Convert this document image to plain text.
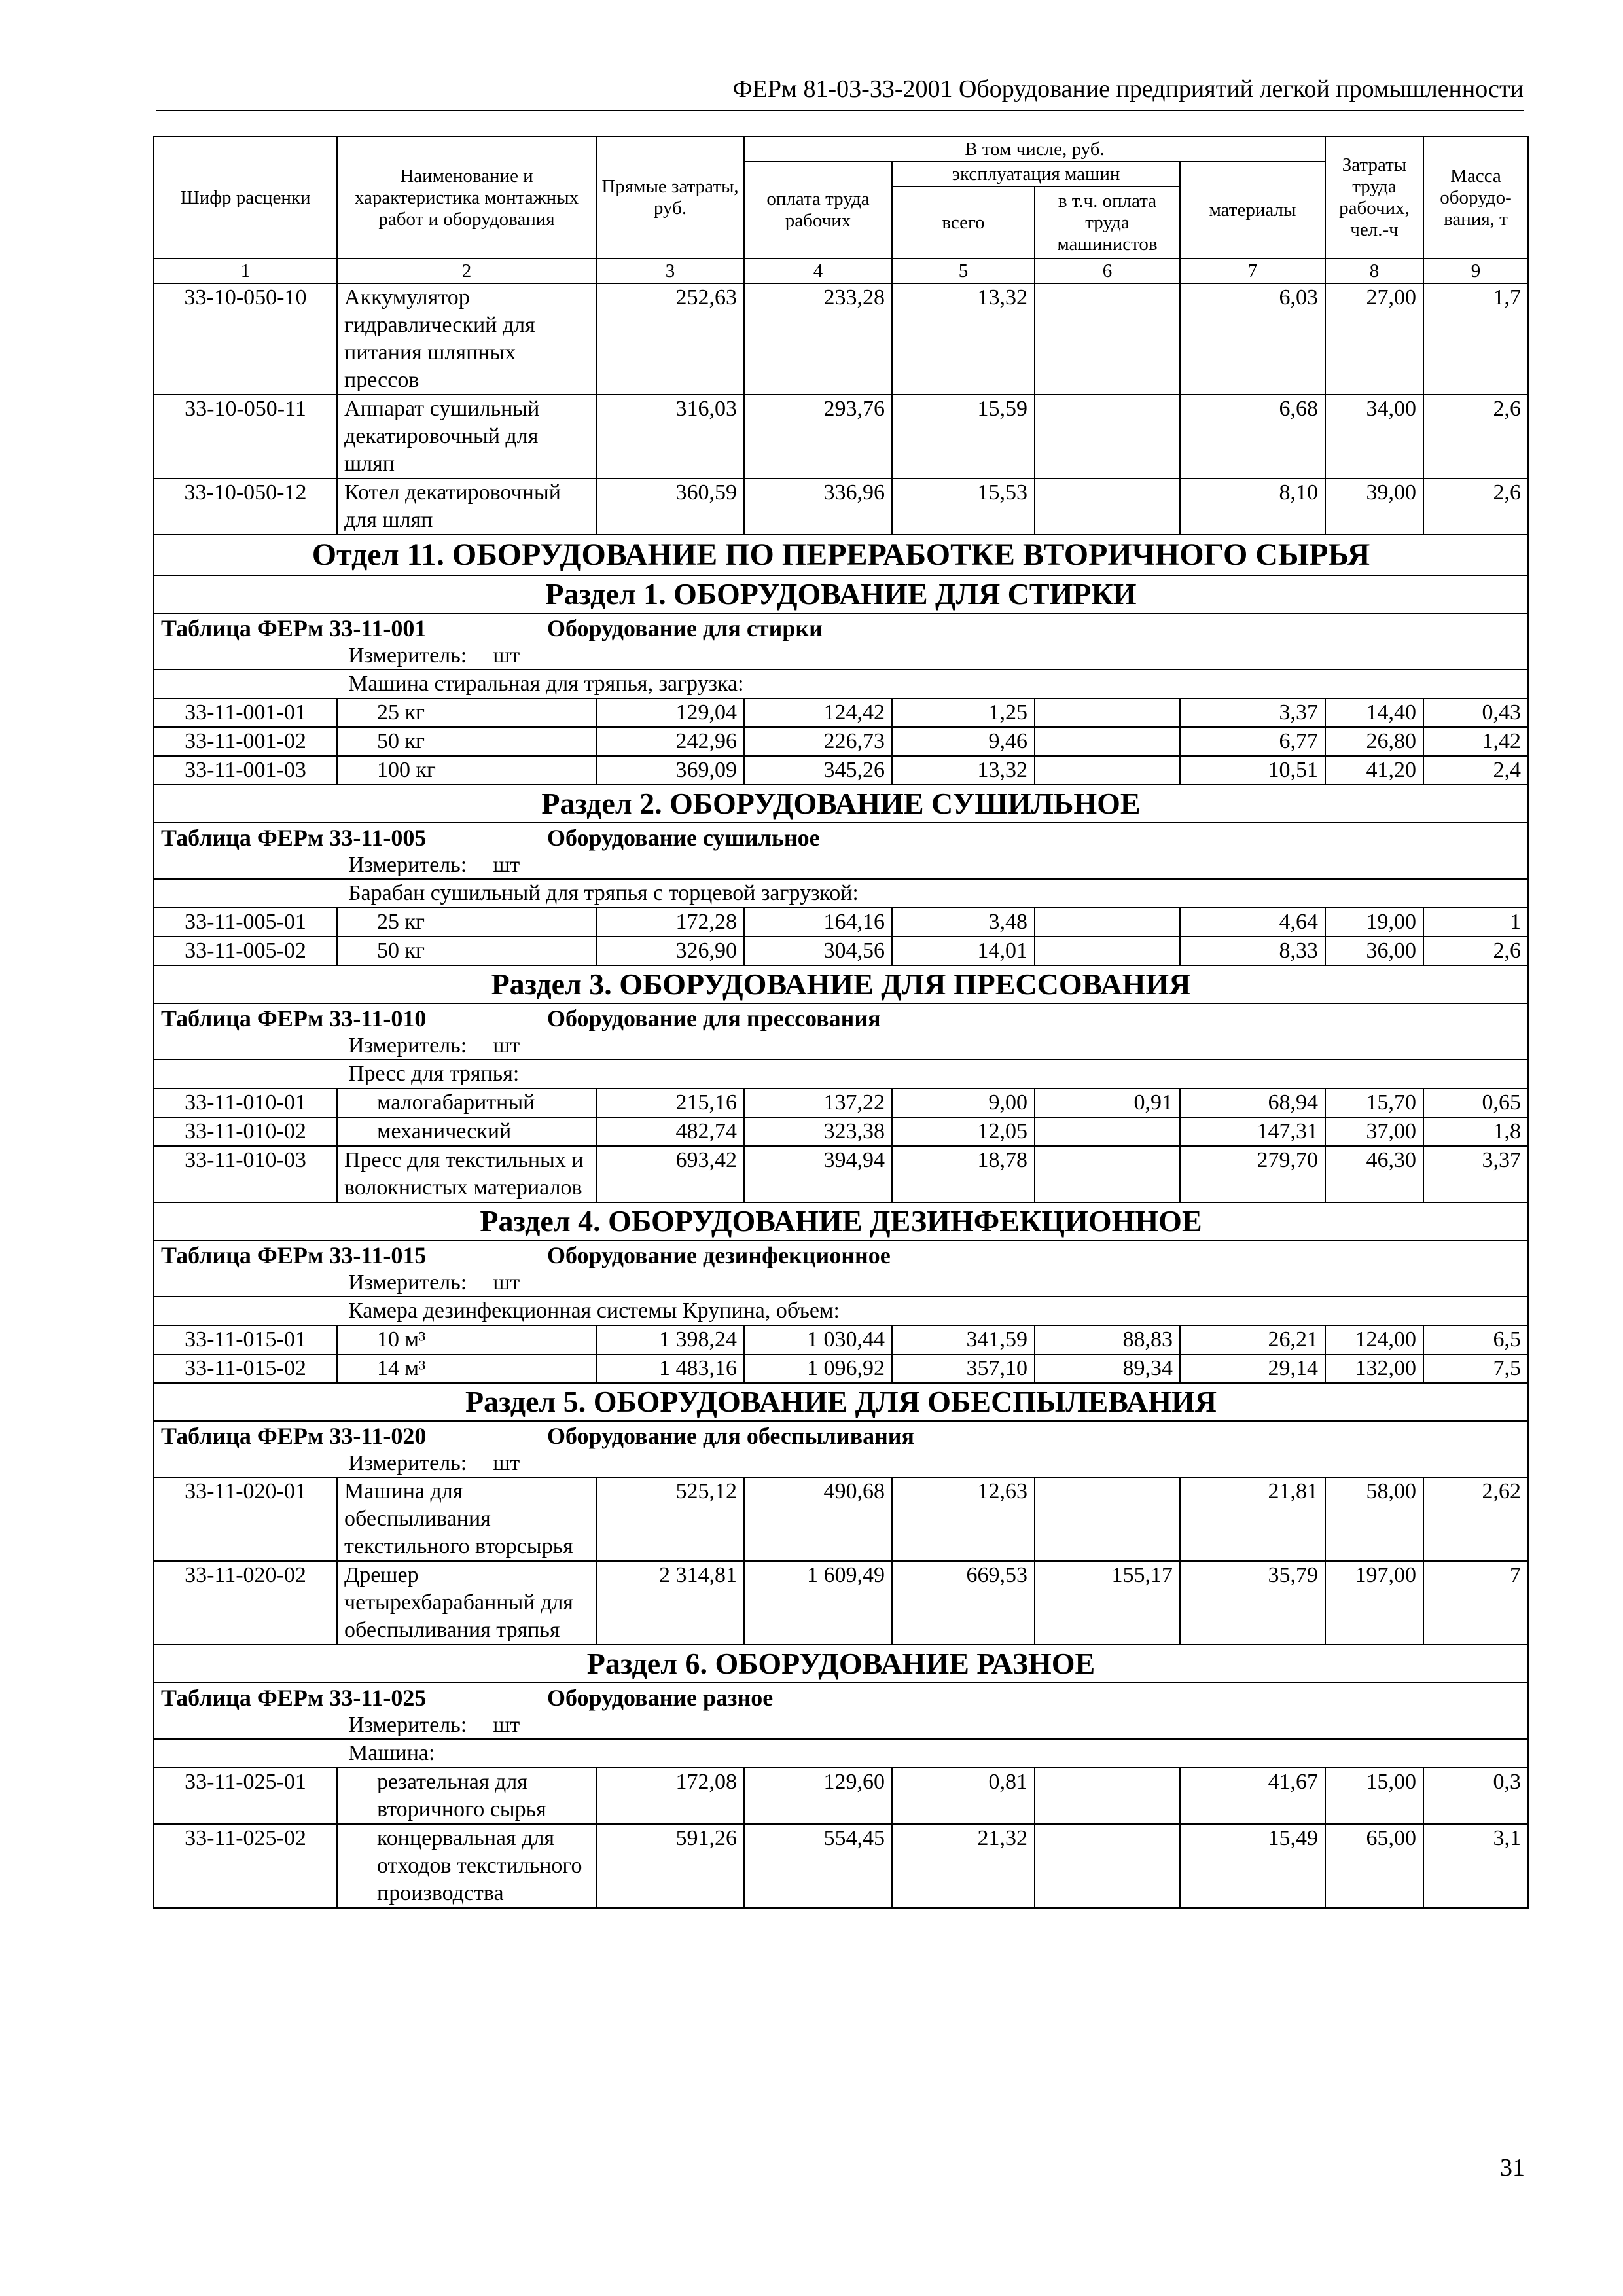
ФЕРм 81-03-33-2001 Оборудование предприятий легкой промышленности
Шифр расценки	Наименование и характеристика монтажных работ и оборудования	Прямые затраты, руб.	В том числе, руб.				Затраты труда рабочих, чел.-ч	Масса оборудо-вания, т
			оплата труда рабочих	эксплуатация машин		материалы		
				всего	в т.ч. оплата труда машинистов			
1	2	3	4	5	6	7	8	9
33-10-050-10	Аккумулятор гидравлический для питания шляпных прессов	252,63	233,28	13,32		6,03	27,00	1,7
33-10-050-11	Аппарат сушильный декатировочный для шляп	316,03	293,76	15,59		6,68	34,00	2,6
33-10-050-12	Котел декатировочный для шляп	360,59	336,96	15,53		8,10	39,00	2,6
Отдел 11. ОБОРУДОВАНИЕ ПО ПЕРЕРАБОТКЕ ВТОРИЧНОГО СЫРЬЯ								
Раздел 1. ОБОРУДОВАНИЕ ДЛЯ СТИРКИ								
Таблица ФЕРм 33-11-001 Оборудование для стирки								
Измеритель: шт								
Машина стиральная для тряпья, загрузка:								
33-11-001-01	25 кг	129,04	124,42	1,25		3,37	14,40	0,43
33-11-001-02	50 кг	242,96	226,73	9,46		6,77	26,80	1,42
33-11-001-03	100 кг	369,09	345,26	13,32		10,51	41,20	2,4
Раздел 2. ОБОРУДОВАНИЕ СУШИЛЬНОЕ								
Таблица ФЕРм 33-11-005 Оборудование сушильное								
Измеритель: шт								
Барабан сушильный для тряпья с торцевой загрузкой:								
33-11-005-01	25 кг	172,28	164,16	3,48		4,64	19,00	1
33-11-005-02	50 кг	326,90	304,56	14,01		8,33	36,00	2,6
Раздел 3. ОБОРУДОВАНИЕ ДЛЯ ПРЕССОВАНИЯ								
Таблица ФЕРм 33-11-010 Оборудование для прессования								
Измеритель: шт								
Пресс для тряпья:								
33-11-010-01	малогабаритный	215,16	137,22	9,00	0,91	68,94	15,70	0,65
33-11-010-02	механический	482,74	323,38	12,05		147,31	37,00	1,8
33-11-010-03	Пресс для текстильных и волокнистых материалов	693,42	394,94	18,78		279,70	46,30	3,37
Раздел 4. ОБОРУДОВАНИЕ ДЕЗИНФЕКЦИОННОЕ								
Таблица ФЕРм 33-11-015 Оборудование дезинфекционное								
Измеритель: шт								
Камера дезинфекционная системы Крупина, объем:								
33-11-015-01	10 м³	1 398,24	1 030,44	341,59	88,83	26,21	124,00	6,5
33-11-015-02	14 м³	1 483,16	1 096,92	357,10	89,34	29,14	132,00	7,5
Раздел 5. ОБОРУДОВАНИЕ ДЛЯ ОБЕСПЫЛЕВАНИЯ								
Таблица ФЕРм 33-11-020 Оборудование для обеспыливания								
Измеритель: шт								
33-11-020-01	Машина для обеспыливания текстильного вторсырья	525,12	490,68	12,63		21,81	58,00	2,62
33-11-020-02	Дрешер четырехбарабанный для обеспыливания тряпья	2 314,81	1 609,49	669,53	155,17	35,79	197,00	7
Раздел 6. ОБОРУДОВАНИЕ РАЗНОЕ								
Таблица ФЕРм 33-11-025 Оборудование разное								
Измеритель: шт								
Машина:								
33-11-025-01	резательная для вторичного сырья	172,08	129,60	0,81		41,67	15,00	0,3
33-11-025-02	концервальная для отходов текстильного производства	591,26	554,45	21,32		15,49	65,00	3,1
31
